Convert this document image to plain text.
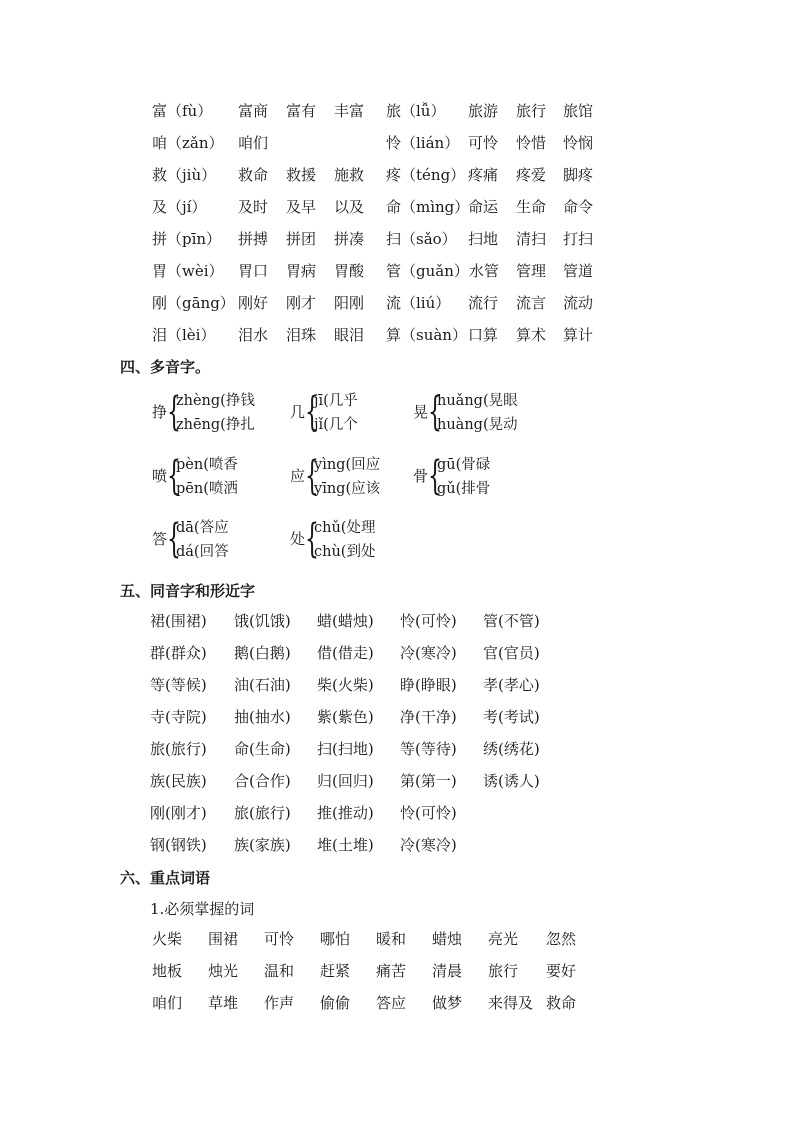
富（fù） 富商 富有 丰富 旅（lǚ） 旅游 旅行 旅馆
咱（zǎn） 咱们	怜（lián） 可怜 怜惜 怜悯
救（jiù） 救命 救援 施救 疼（téng） 疼痛 疼爱 脚疼
及（jí） 及时 及早 以及 命（mìng）
命运 生命 命令
拼（pīn） 拼搏 拼团 拼凑 扫（sǎo） 扫地 清扫 打扫
胃（wèi） 胃口 胃病 胃酸 管（guǎn）水管 管理 管道
刚（gāng） 刚好 刚才 阳刚 流（liú） 流行 流言 流动
泪（lèi） 泪水 泪珠 眼泪 算（suàn） 口算 算术 算计
四、多音字。
挣 {
zhèng(挣钱
zhēng(挣扎
几 {
jī(几乎
jǐ(几个
晃 {
huǎng(晃眼
huàng(晃动
喷 {
pèn(喷香
pēn(喷洒
应 {
yìng(回应
yīng(应该
骨 {
gū(骨碌
gǔ(排骨
答 {
dā(答应
dá(回答
处 {
chǔ(处理
chù(到处
五、同音字和形近字
裙(围裙) 饿(饥饿) 蜡(蜡烛) 怜(可怜) 管(不管)
群(群众) 鹅(白鹅) 借(借走) 冷(寒冷) 官(官员)
等(等候) 油(石油) 柴(火柴) 睁(睁眼) 孝(孝心)
寺(寺院) 抽(抽水) 紫(紫色) 净(干净) 考(考试)
旅(旅行) 命(生命) 扫(扫地) 等(等待) 绣(绣花)
族(民族) 合(合作) 归(回归) 第(第一) 诱(诱人)
刚(刚才) 旅(旅行) 推(推动) 怜(可怜)
钢(钢铁) 族(家族) 堆(土堆) 冷(寒冷)
六、重点词语
1.必须掌握的词
火柴 围裙 可怜 哪怕 暖和 蜡烛 亮光 忽然
地板 烛光 温和 赶紧 痛苦 清晨 旅行 要好
咱们 草堆 作声 偷偷 答应 做梦 来得及 救命
